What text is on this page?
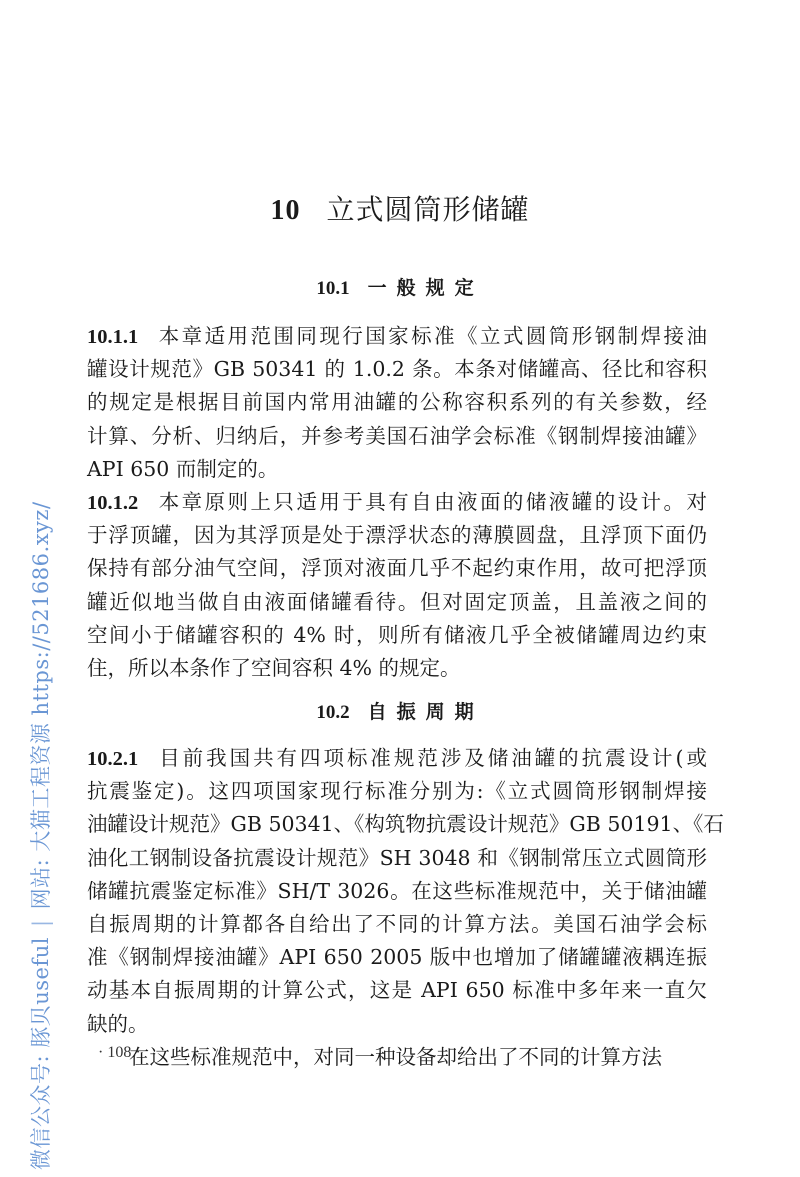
10 立式圆筒形储罐
10.1 一般规定
10.1.1 本章适用范围同现行国家标准《立式圆筒形钢制焊接油
罐设计规范》GB 50341 的 1.0.2 条。本条对储罐高、径比和容积
的规定是根据目前国内常用油罐的公称容积系列的有关参数，经
计算、分析、归纳后，并参考美国石油学会标准《钢制焊接油罐》
API 650 而制定的。
10.1.2 本章原则上只适用于具有自由液面的储液罐的设计。对
于浮顶罐，因为其浮顶是处于漂浮状态的薄膜圆盘，且浮顶下面仍
保持有部分油气空间，浮顶对液面几乎不起约束作用，故可把浮顶
罐近似地当做自由液面储罐看待。但对固定顶盖，且盖液之间的
空间小于储罐容积的 4% 时，则所有储液几乎全被储罐周边约束
住，所以本条作了空间容积 4% 的规定。
10.2 自振周期
10.2.1 目前我国共有四项标准规范涉及储油罐的抗震设计(或
抗震鉴定)。这四项国家现行标准分别为:《立式圆筒形钢制焊接
油罐设计规范》GB 50341、《构筑物抗震设计规范》GB 50191、《石
油化工钢制设备抗震设计规范》SH 3048 和《钢制常压立式圆筒形
储罐抗震鉴定标准》SH/T 3026。在这些标准规范中，关于储油罐
自振周期的计算都各自给出了不同的计算方法。美国石油学会标
准《钢制焊接油罐》API 650 2005 版中也增加了储罐罐液耦连振
动基本自振周期的计算公式，这是 API 650 标准中多年来一直欠
缺的。
在这些标准规范中，对同一种设备却给出了不同的计算方法
· 108 ·
微信公众号: 豚贝useful|网站: 大猫工程资源 https://521686.xyz/
